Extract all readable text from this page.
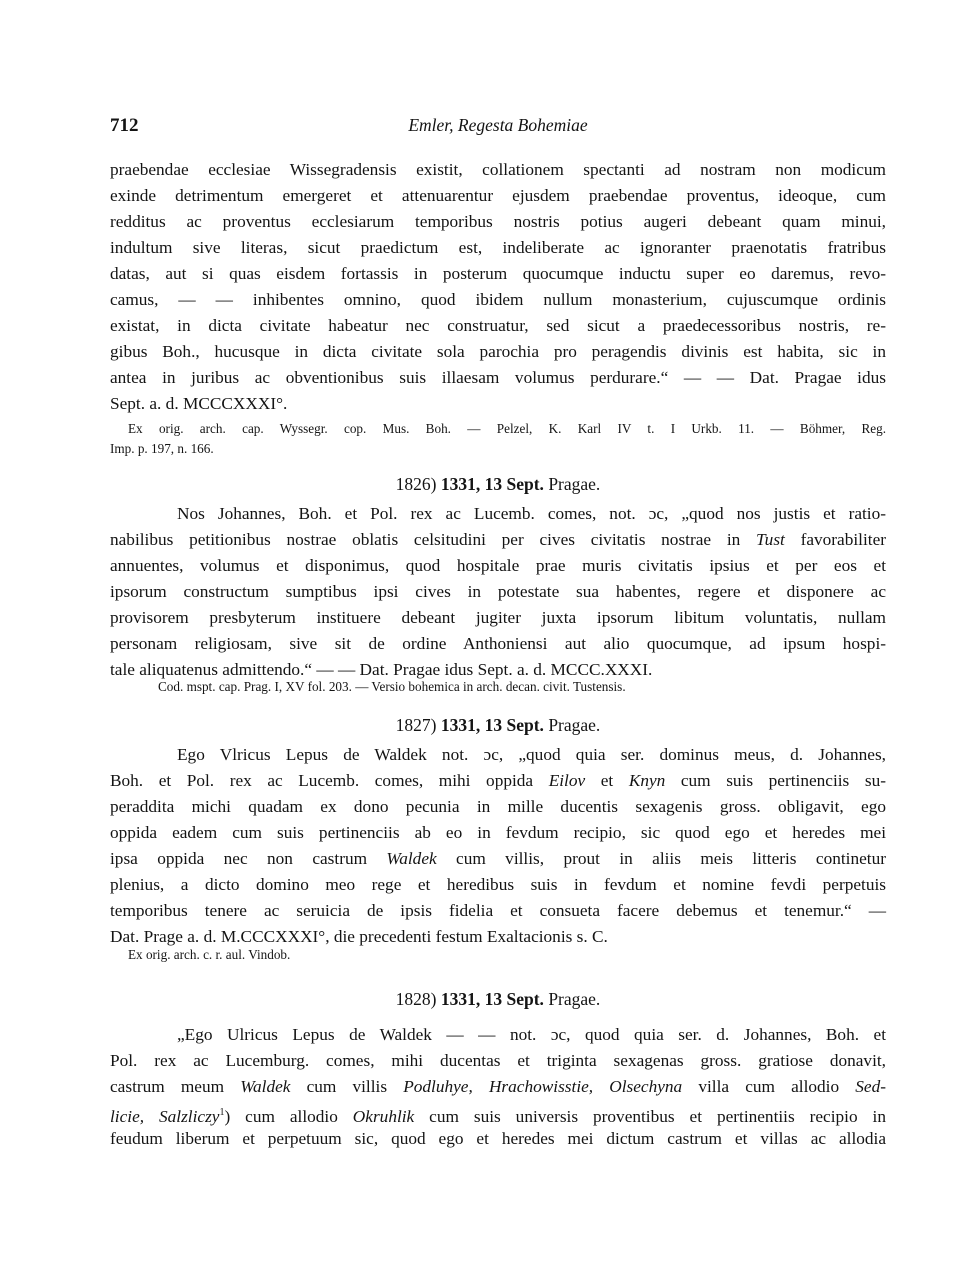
712	Emler, Regesta Bohemiae
praebendae ecclesiae Wissegradensis existit, collationem spectanti ad nostram non modicum
exinde detrimentum emergeret et attenuarentur ejusdem praebendae proventus, ideoque, cum
redditus ac proventus ecclesiarum temporibus nostris potius augeri debeant quam minui,
indultum sive literas, sicut praedictum est, indeliberate ac ignoranter praenotatis fratribus
datas, aut si quas eisdem fortassis in posterum quocumque inductu super eo daremus, revo-
camus, — — inhibentes omnino, quod ibidem nullum monasterium, cujuscumque ordinis
existat, in dicta civitate habeatur nec construatur, sed sicut a praedecessoribus nostris, re-
gibus Boh., hucusque in dicta civitate sola parochia pro peragendis divinis est habita, sic in
antea in juribus ac obventionibus suis illaesam volumus perdurare.“ — — Dat. Pragae idus
Sept. a. d. MCCCXXXI°.
Ex orig. arch. cap. Wyssegr. cop. Mus. Boh. — Pelzel, K. Karl IV t. I Urkb. 11. — Böhmer, Reg.
Imp. p. 197, n. 166.
1826) 1331, 13 Sept. Pragae.
Nos Johannes, Boh. et Pol. rex ac Lucemb. comes, not. ɔc, „quod nos justis et ratio-
nabilibus petitionibus nostrae oblatis celsitudini per cives civitatis nostrae in Tust favorabiliter
annuentes, volumus et disponimus, quod hospitale prae muris civitatis ipsius et per eos et
ipsorum constructum sumptibus ipsi cives in potestate sua habentes, regere et disponere ac
provisorem presbyterum instituere debeant jugiter juxta ipsorum libitum voluntatis, nullam
personam religiosam, sive sit de ordine Anthoniensi aut alio quocumque, ad ipsum hospi-
tale aliquatenus admittendo.“ — — Dat. Pragae idus Sept. a. d. MCCC.XXXI.
Cod. mspt. cap. Prag. I, XV fol. 203. — Versio bohemica in arch. decan. civit. Tustensis.
1827) 1331, 13 Sept. Pragae.
Ego Vlricus Lepus de Waldek not. ɔc, „quod quia ser. dominus meus, d. Johannes,
Boh. et Pol. rex ac Lucemb. comes, mihi oppida Eilov et Knyn cum suis pertinenciis su-
peraddita michi quadam ex dono pecunia in mille ducentis sexagenis gross. obligavit, ego
oppida eadem cum suis pertinenciis ab eo in fevdum recipio, sic quod ego et heredes mei
ipsa oppida nec non castrum Waldek cum villis, prout in aliis meis litteris continetur
plenius, a dicto domino meo rege et heredibus suis in fevdum et nomine fevdi perpetuis
temporibus tenere ac seruicia de ipsis fidelia et consueta facere debemus et tenemur.“ —
Dat. Prage a. d. M.CCCXXXI°, die precedenti festum Exaltacionis s. C.
Ex orig. arch. c. r. aul. Vindob.
1828) 1331, 13 Sept. Pragae.
„Ego Ulricus Lepus de Waldek — — not. ɔc, quod quia ser. d. Johannes, Boh. et
Pol. rex ac Lucemburg. comes, mihi ducentas et triginta sexagenas gross. gratiose donavit,
castrum meum Waldek cum villis Podluhye, Hrachowisstie, Olsechyna villa cum allodio Sed-
licie, Salzliczy$^1$) cum allodio Okruhlik cum suis universis proventibus et pertinentiis recipio in
feudum liberum et perpetuum sic, quod ego et heredes mei dictum castrum et villas ac allodia
